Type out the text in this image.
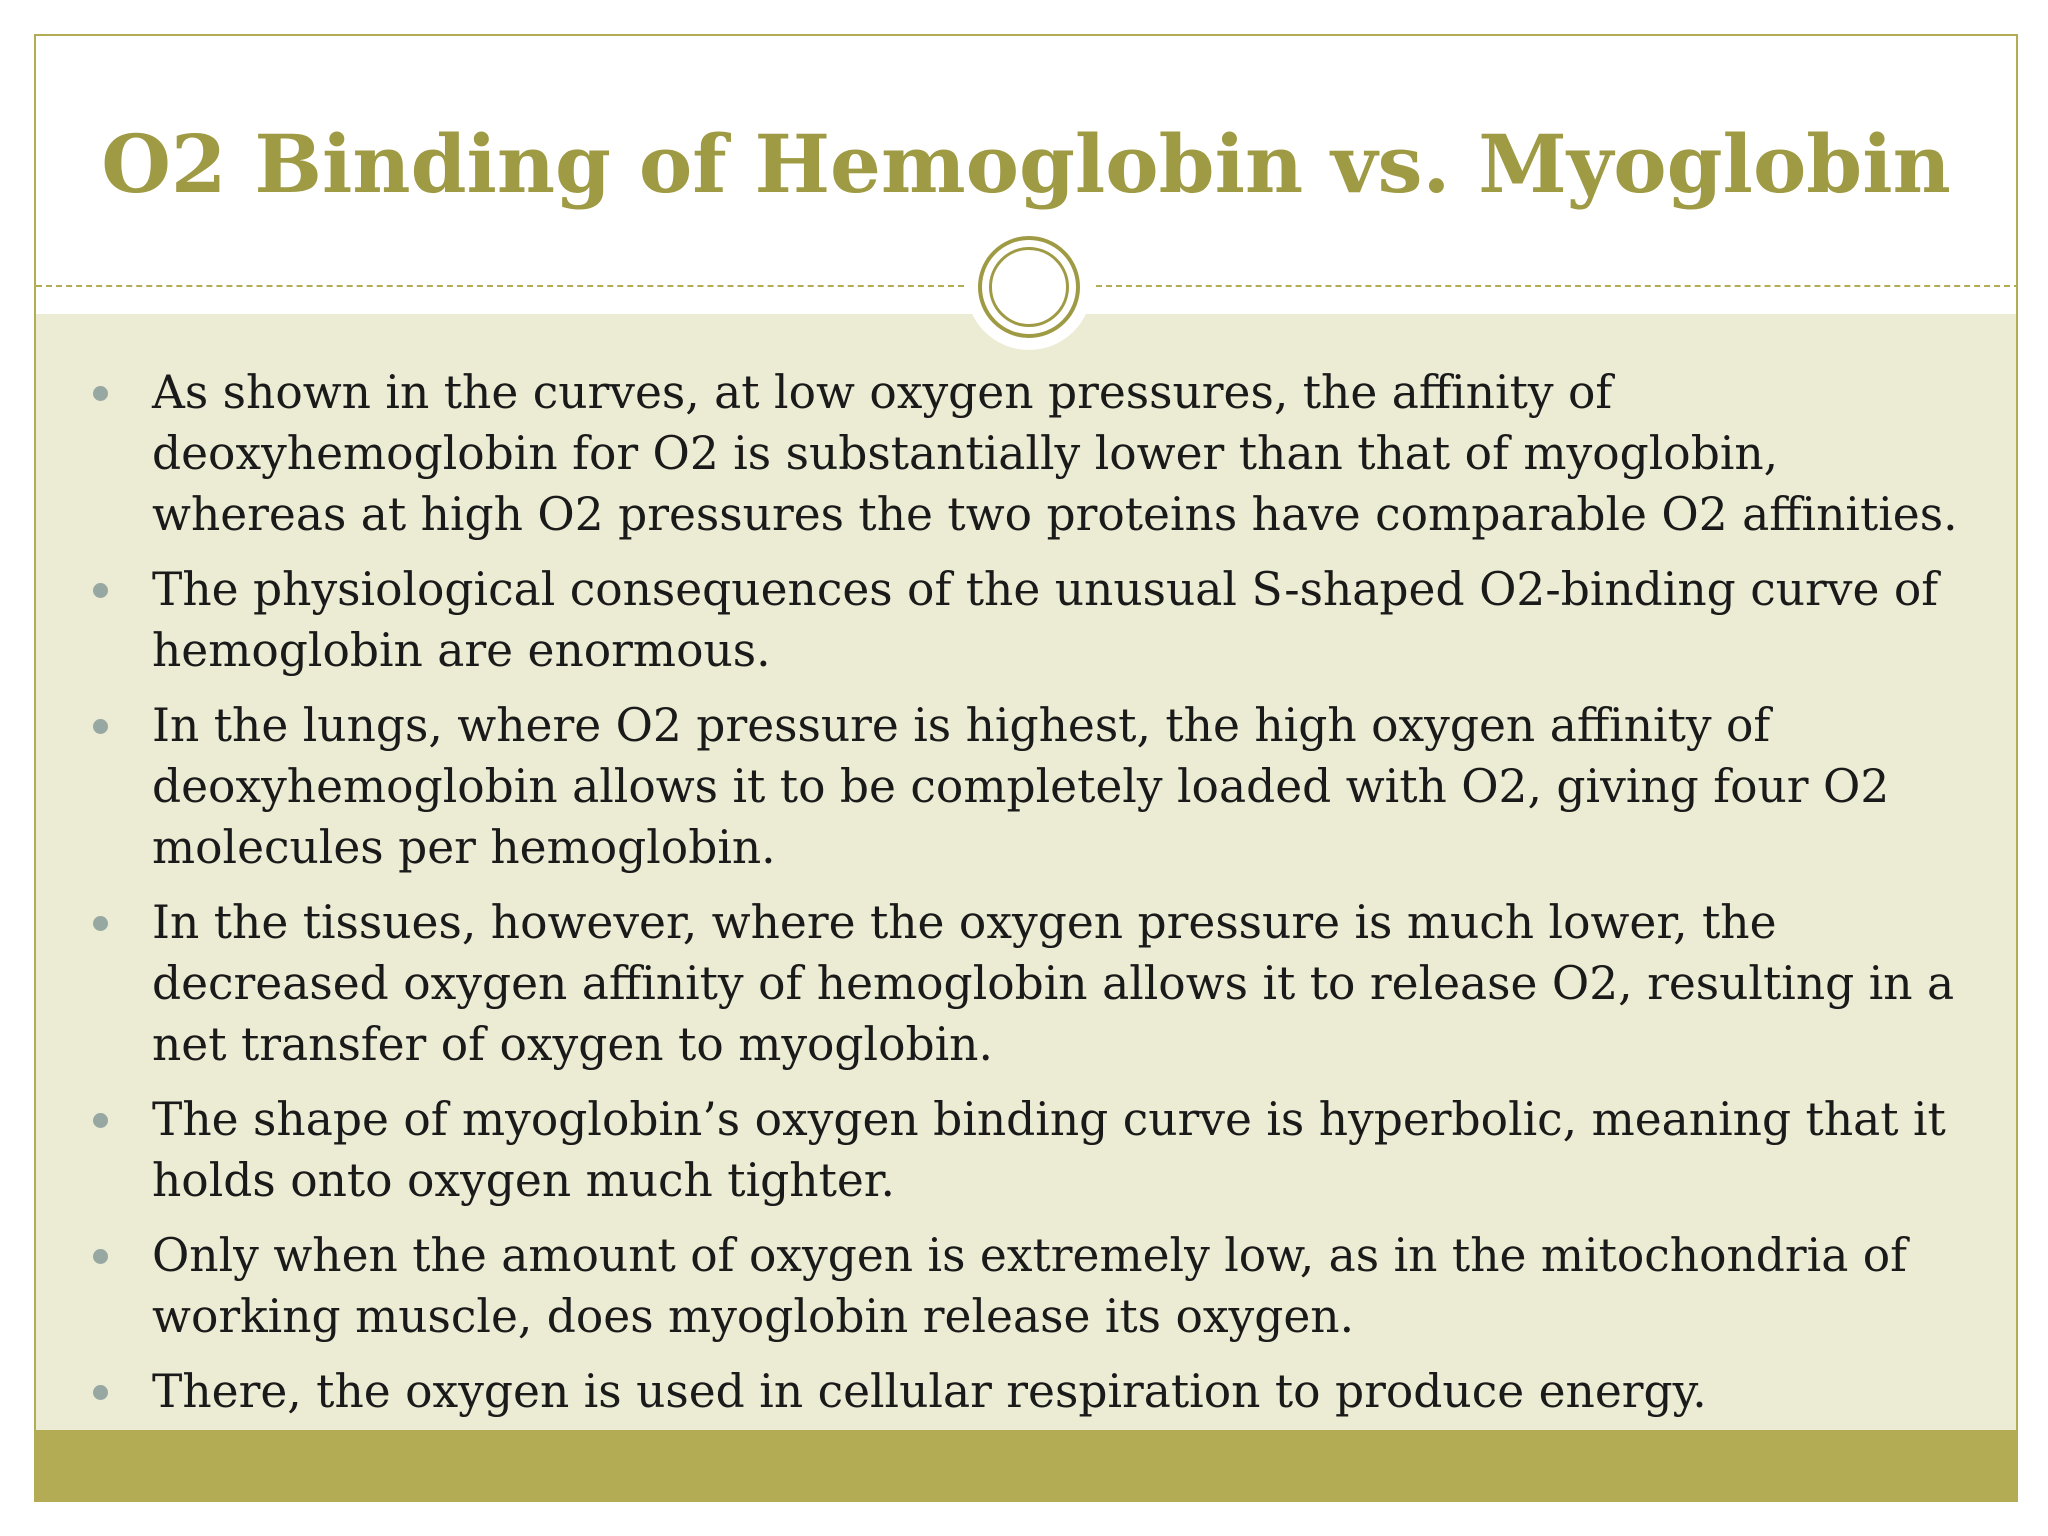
O2 Binding of Hemoglobin vs. Myoglobin
As shown in the curves, at low oxygen pressures, the affinity of deoxyhemoglobin for O2 is substantially lower than that of myoglobin, whereas at high O2 pressures the two proteins have comparable O2 affinities.
The physiological consequences of the unusual S-shaped O2-binding curve of hemoglobin are enormous.
In the lungs, where O2 pressure is highest, the high oxygen affinity of deoxyhemoglobin allows it to be completely loaded with O2, giving four O2 molecules per hemoglobin.
In the tissues, however, where the oxygen pressure is much lower, the decreased oxygen affinity of hemoglobin allows it to release O2, resulting in a net transfer of oxygen to myoglobin.
The shape of myoglobin’s oxygen binding curve is hyperbolic, meaning that it holds onto oxygen much tighter.
Only when the amount of oxygen is extremely low, as in the mitochondria of working muscle, does myoglobin release its oxygen.
There, the oxygen is used in cellular respiration to produce energy.
